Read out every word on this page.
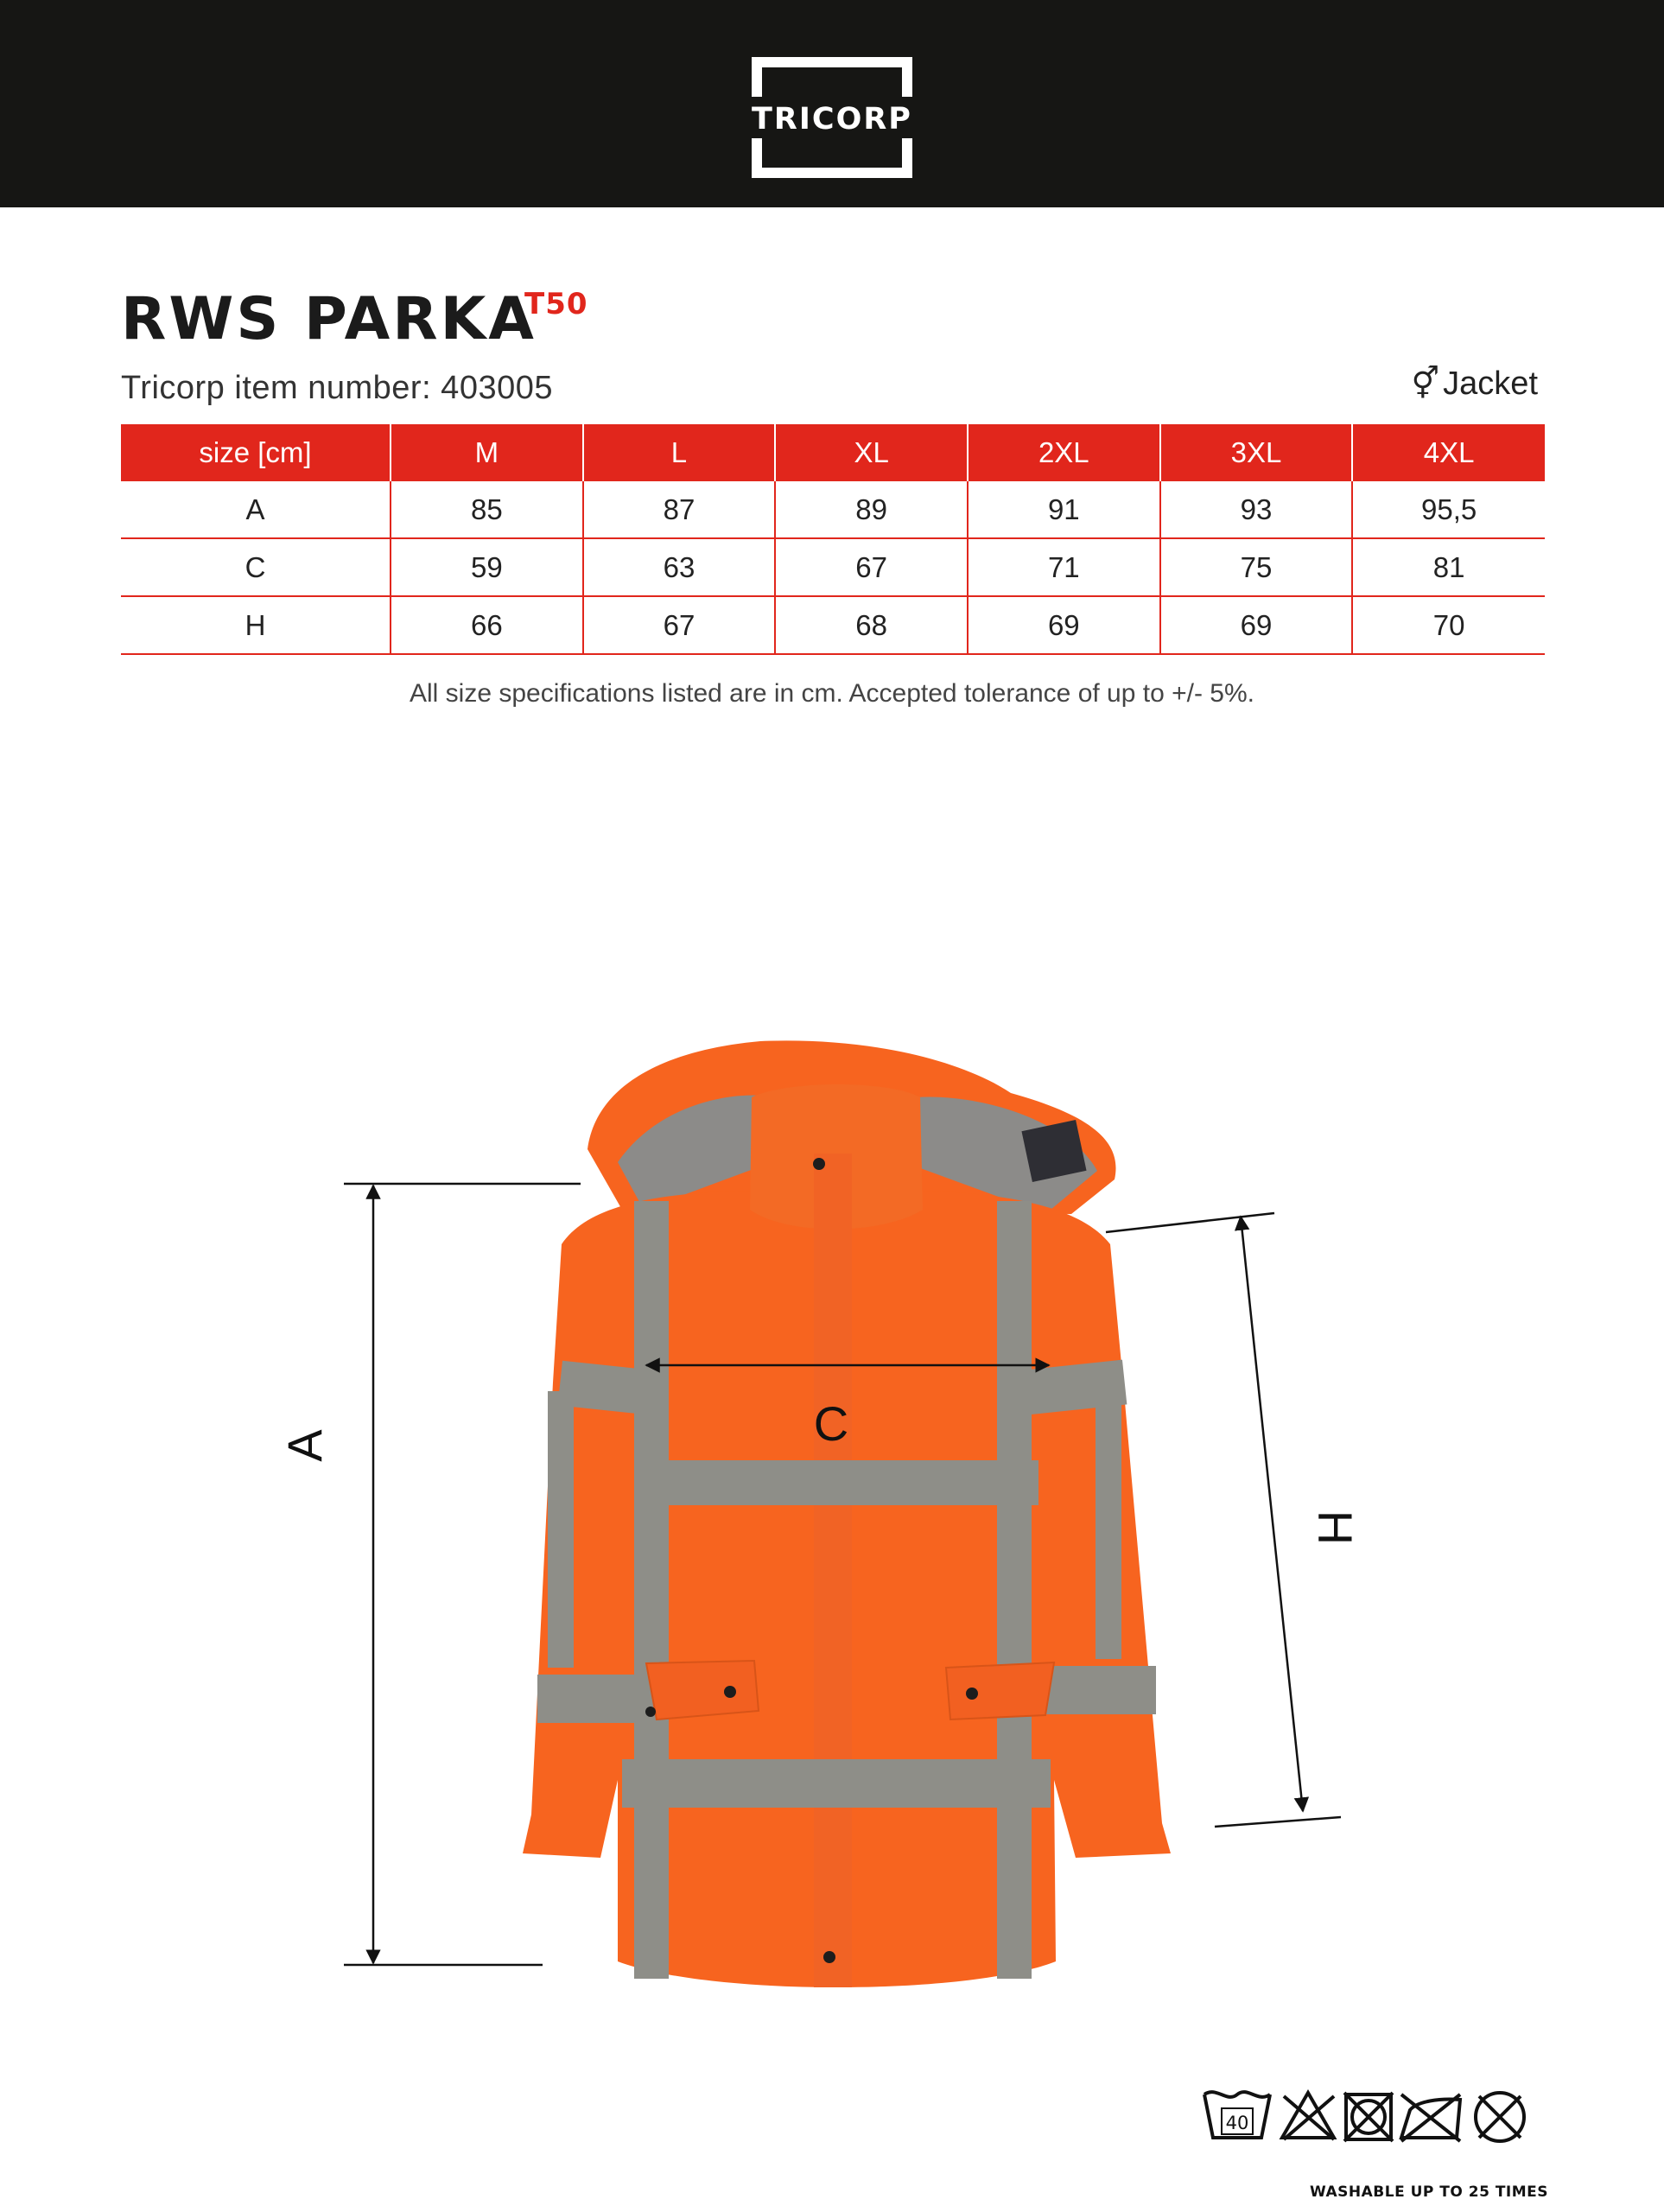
TRICORP
RWS PARKA
T50
Tricorp item number: 403005	⚥ Jacket
size [cm]	M	L	XL	2XL	3XL	4XL
A	85	87	89	91	93	95,5
C	59	63	67	71	75	81
H	66	67	68	69	69	70
All size specifications listed are in cm. Accepted tolerance of up to +/- 5%.
A	C
H
40
WASHABLE UP TO 25 TIMES
